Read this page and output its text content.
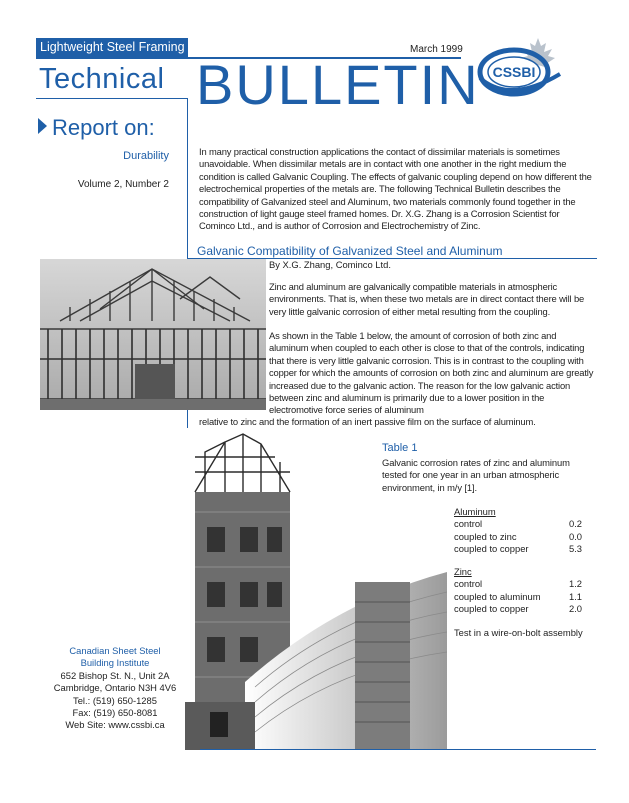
Lightweight Steel Framing	March 1999
Technical BULLETIN CSSBI
Report on:
Durability
Volume 2, Number 2
In many practical construction applications the contact of dissimilar materials is sometimes unavoidable. When dissimilar metals are in contact with one another in the right medium the condition is called Galvanic Coupling. The effects of galvanic coupling depend on how different the electrochemical properties of the metals are. The following Technical Bulletin describes the compatibility of Galvanized steel and Aluminum, two materials commonly found together in the construction of light gauge steel framed homes. Dr. X.G. Zhang is a Corrosion Scientist for Cominco Ltd., and is author of Corrosion and Electrochemistry of Zinc.
Galvanic Compatibility of Galvanized Steel and Aluminum
By X.G. Zhang, Cominco Ltd.
Zinc and aluminum are galvanically compatible materials in atmospheric environments. That is, when these two metals are in direct contact there will be very little galvanic corrosion of either metal resulting from the coupling.
As shown in the Table 1 below, the amount of corrosion of both zinc and aluminum when coupled to each other is close to that of the controls, indicating that there is very little galvanic corrosion. This is in contrast to the coupling with copper for which the amounts of corrosion on both zinc and aluminum are greatly increased due to the galvanic action. The reason for the low galvanic action between zinc and aluminum is primarily due to a lower position in the electromotive force series of aluminum
relative to zinc and the formation of an inert passive film on the surface of aluminum.
Table 1
Galvanic corrosion rates of zinc and aluminum tested for one year in an urban atmospheric environment, in m/y [1].
Aluminum
control	0.2
coupled to zinc	0.0
coupled to copper	5.3
Zinc
control	1.2
coupled to aluminum	1.1
coupled to copper	2.0
Test in a wire-on-bolt assembly
Canadian Sheet Steel
Building Institute
652 Bishop St. N., Unit 2A
Cambridge, Ontario N3H 4V6
Tel.: (519) 650-1285
Fax: (519) 650-8081
Web Site: www.cssbi.ca
